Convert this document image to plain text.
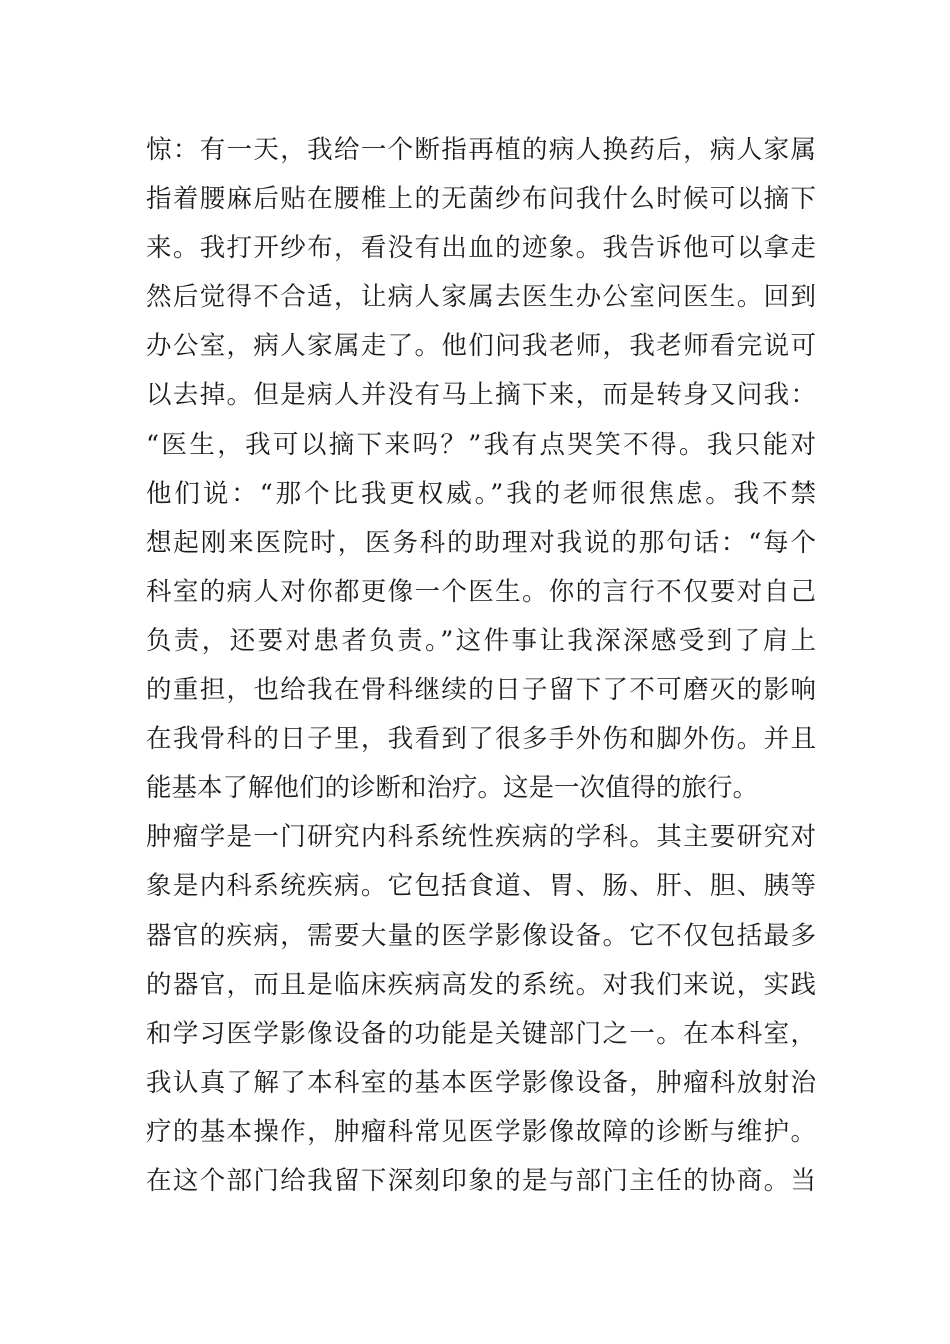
惊：有一天，我给一个断指再植的病人换药后，病人家属
指着腰麻后贴在腰椎上的无菌纱布问我什么时候可以摘下
来。我打开纱布，看没有出血的迹象。我告诉他可以拿走
然后觉得不合适，让病人家属去医生办公室问医生。回到
办公室，病人家属走了。他们问我老师，我老师看完说可
以去掉。但是病人并没有马上摘下来，而是转身又问我：
“医生，我可以摘下来吗？”我有点哭笑不得。我只能对
他们说：“那个比我更权威。”我的老师很焦虑。我不禁
想起刚来医院时，医务科的助理对我说的那句话：“每个
科室的病人对你都更像一个医生。你的言行不仅要对自己
负责，还要对患者负责。”这件事让我深深感受到了肩上
的重担，也给我在骨科继续的日子留下了不可磨灭的影响
在我骨科的日子里，我看到了很多手外伤和脚外伤。并且
能基本了解他们的诊断和治疗。这是一次值得的旅行。
肿瘤学是一门研究内科系统性疾病的学科。其主要研究对
象是内科系统疾病。它包括食道、胃、肠、肝、胆、胰等
器官的疾病，需要大量的医学影像设备。它不仅包括最多
的器官，而且是临床疾病高发的系统。对我们来说，实践
和学习医学影像设备的功能是关键部门之一。在本科室，
我认真了解了本科室的基本医学影像设备，肿瘤科放射治
疗的基本操作，肿瘤科常见医学影像故障的诊断与维护。
在这个部门给我留下深刻印象的是与部门主任的协商。当
